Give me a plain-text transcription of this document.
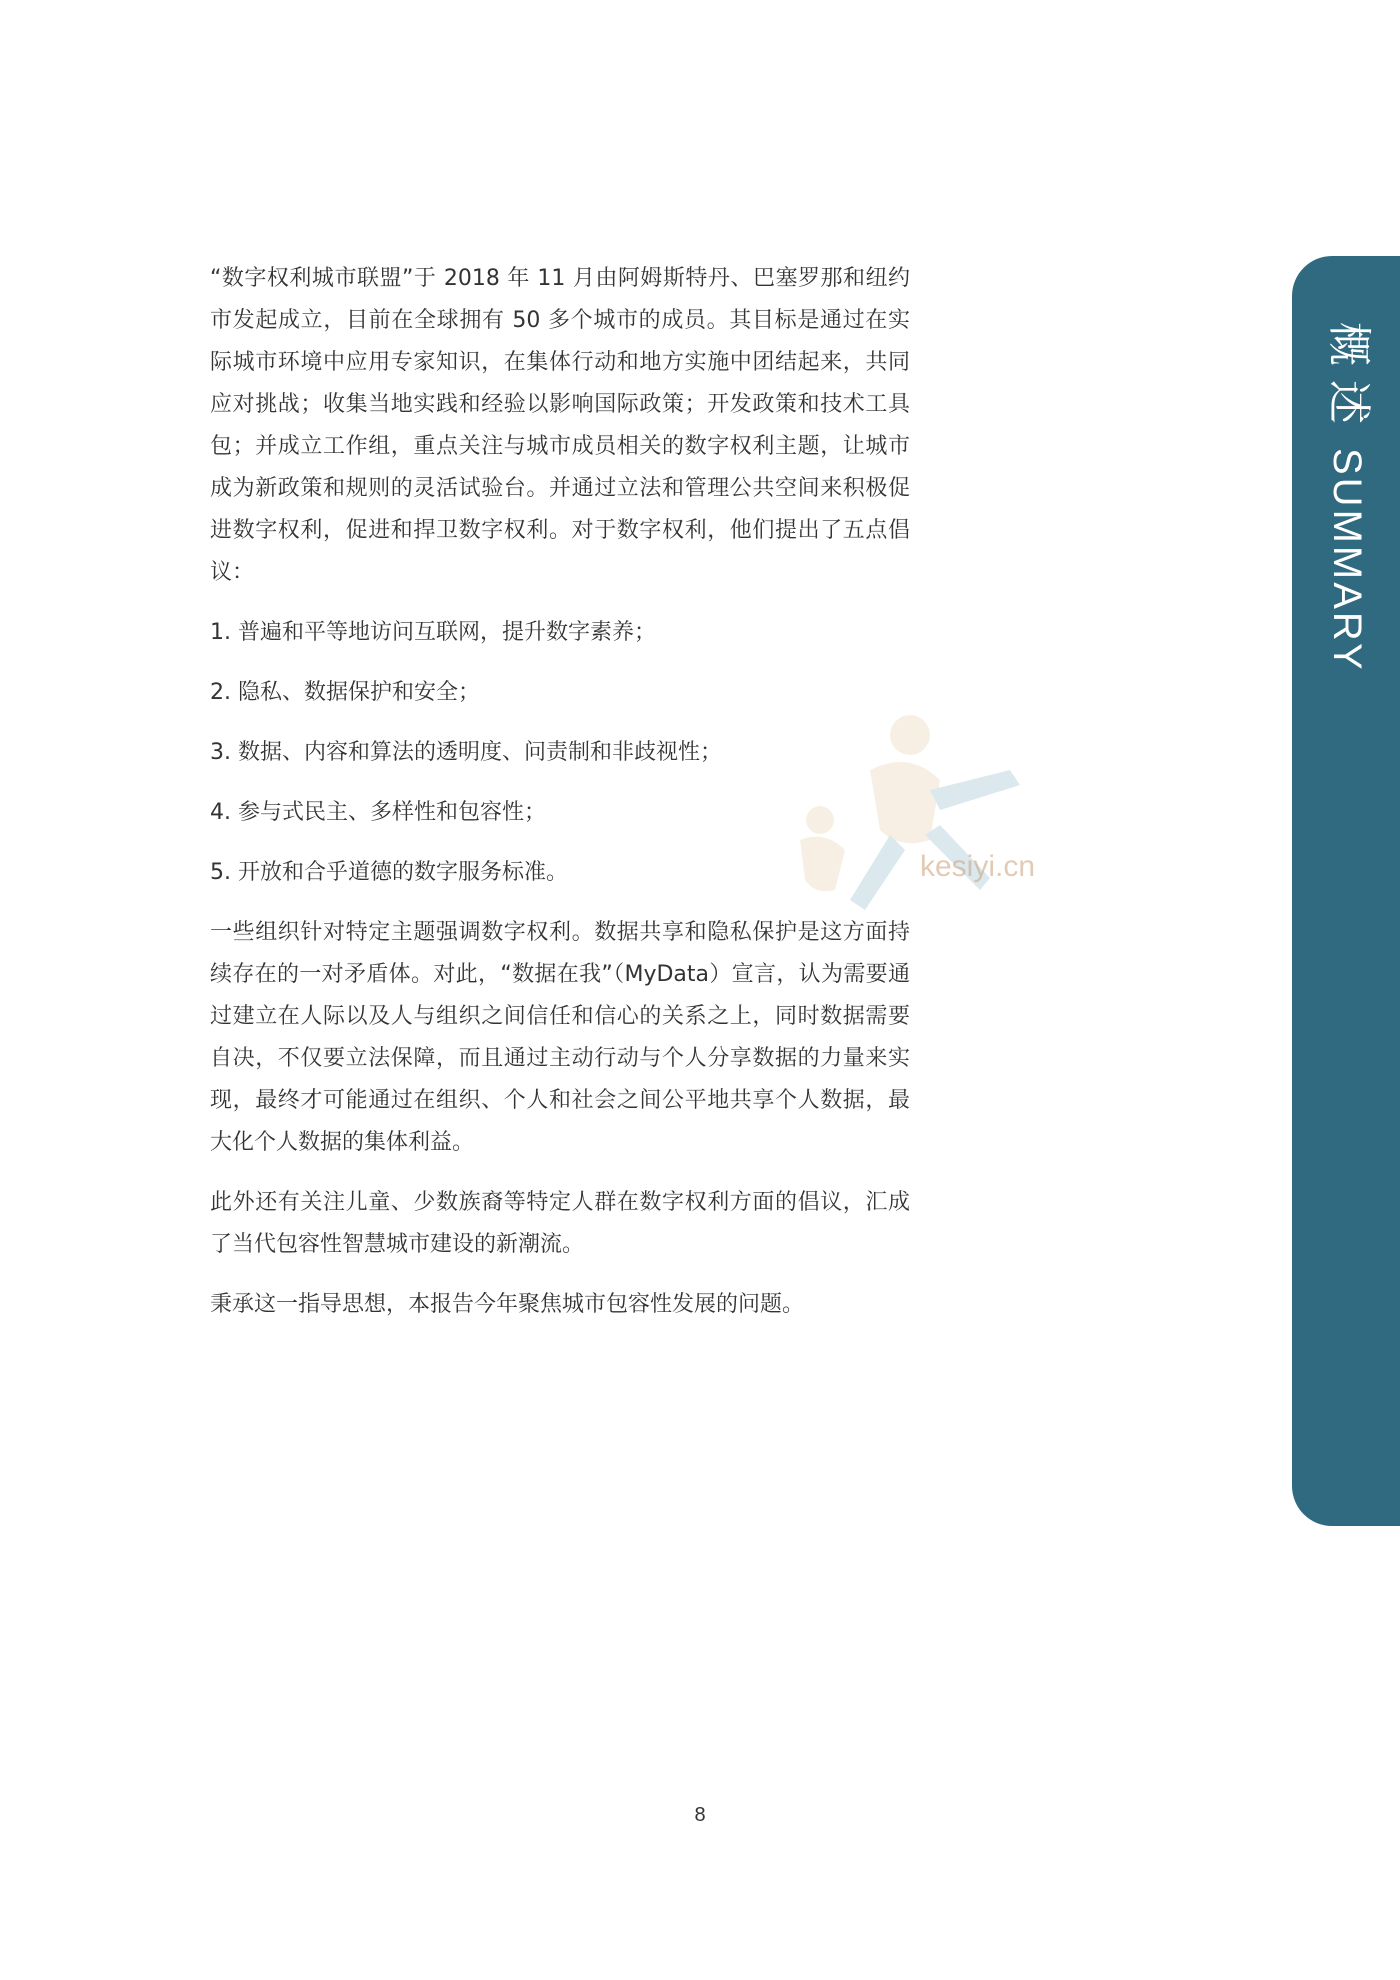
概述SUMMARY
kesiyi.cn

“数字权利城市联盟”于 2018 年 11 月由阿姆斯特丹、巴塞罗那和纽约市发起成立，目前在全球拥有 50 多个城市的成员。其目标是通过在实际城市环境中应用专家知识，在集体行动和地方实施中团结起来，共同应对挑战；收集当地实践和经验以影响国际政策；开发政策和技术工具包；并成立工作组，重点关注与城市成员相关的数字权利主题，让城市成为新政策和规则的灵活试验台。并通过立法和管理公共空间来积极促进数字权利，促进和捍卫数字权利。对于数字权利，他们提出了五点倡议：

1. 普遍和平等地访问互联网，提升数字素养；
2. 隐私、数据保护和安全；
3. 数据、内容和算法的透明度、问责制和非歧视性；
4. 参与式民主、多样性和包容性；
5. 开放和合乎道德的数字服务标准。

一些组织针对特定主题强调数字权利。数据共享和隐私保护是这方面持续存在的一对矛盾体。对此，“数据在我”（MyData）宣言，认为需要通过建立在人际以及人与组织之间信任和信心的关系之上，同时数据需要自决，不仅要立法保障，而且通过主动行动与个人分享数据的力量来实现，最终才可能通过在组织、个人和社会之间公平地共享个人数据，最大化个人数据的集体利益。

此外还有关注儿童、少数族裔等特定人群在数字权利方面的倡议，汇成了当代包容性智慧城市建设的新潮流。

秉承这一指导思想，本报告今年聚焦城市包容性发展的问题。

8
